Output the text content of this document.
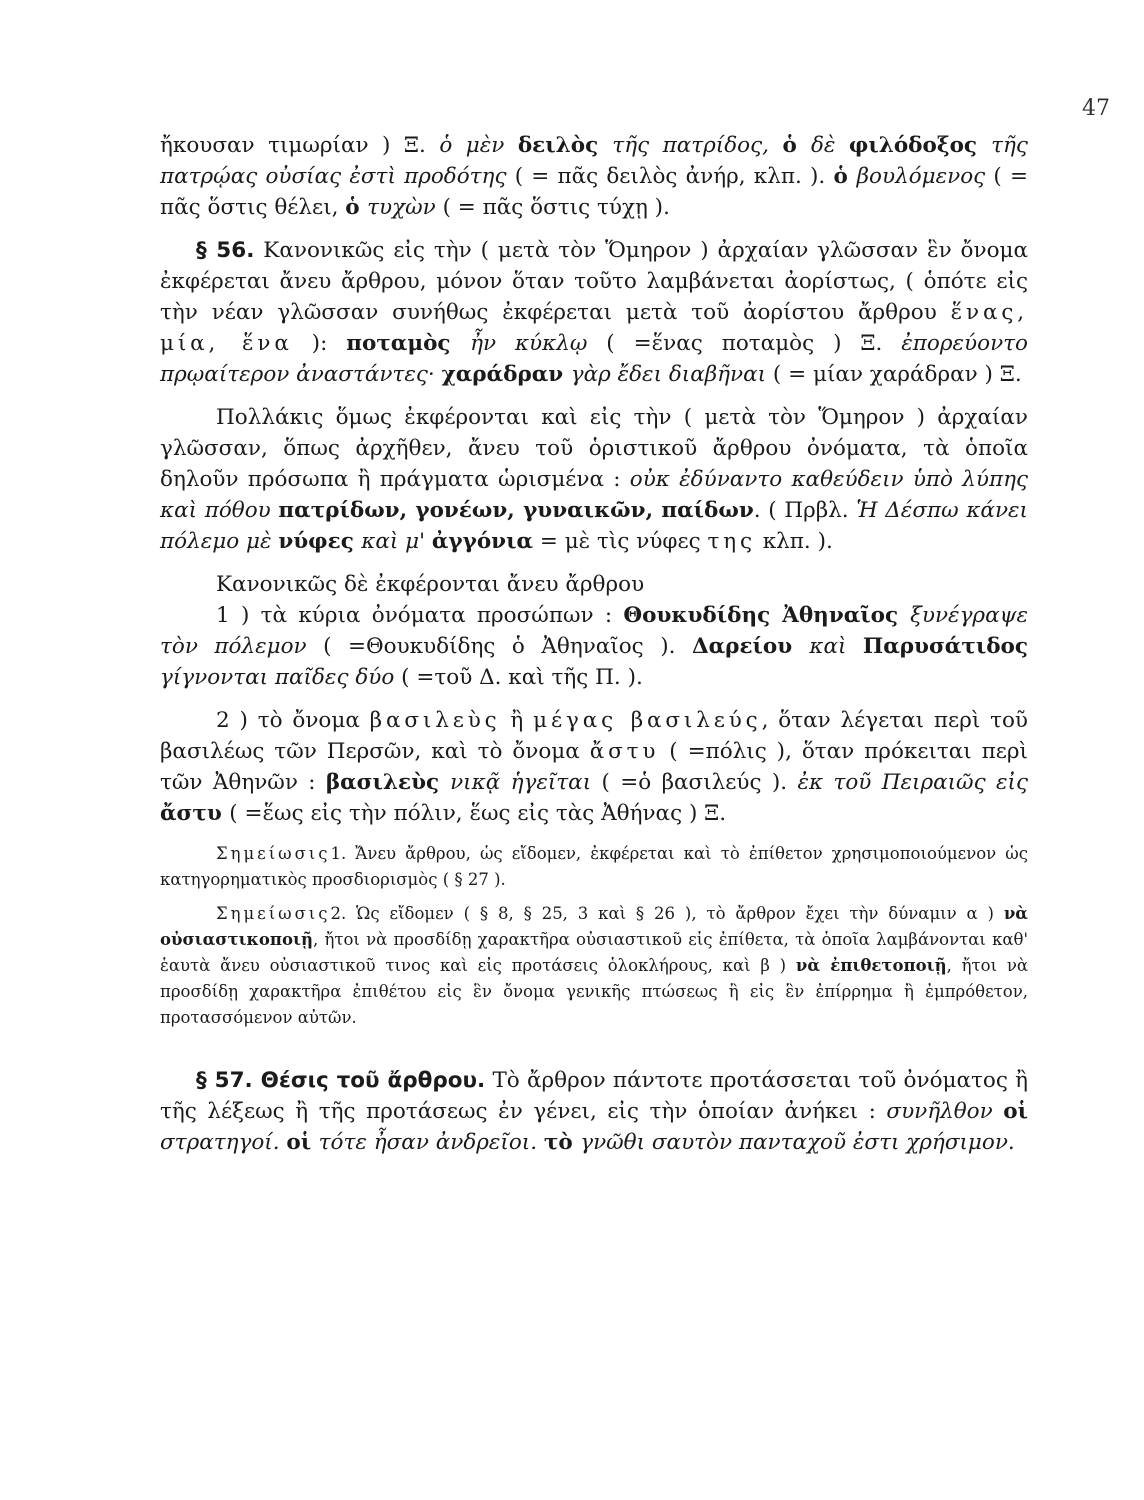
47

ἤκουσαν τιμωρίαν ) Ξ. ὁ μὲν δειλὸς τῆς πατρίδος, ὁ δὲ φιλόδοξος τῆς πατρῴας οὐσίας ἐστὶ προδότης ( = πᾶς δειλὸς ἀνήρ, κλπ. ). ὁ βουλόμενος ( = πᾶς ὅστις θέλει, ὁ τυχὼν ( = πᾶς ὅστις τύχῃ ).

§ 56. Κανονικῶς εἰς τὴν ( μετὰ τὸν Ὅμηρον ) ἀρχαίαν γλῶσσαν ἓν ὄνομα ἐκφέρεται ἄνευ ἄρθρου, μόνον ὅταν τοῦτο λαμβάνεται ἀορίστως, ( ὁπότε εἰς τὴν νέαν γλῶσσαν συνήθως ἐκφέρεται μετὰ τοῦ ἀορίστου ἄρθρου ἕνας, μία, ἕνα ): ποταμὸς ἦν κύκλῳ ( =ἕνας ποταμὸς ) Ξ. ἐπορεύοντο πρῳαίτερον ἀναστάντες· χαράδραν γὰρ ἔδει διαβῆναι ( = μίαν χαράδραν ) Ξ.

Πολλάκις ὅμως ἐκφέρονται καὶ εἰς τὴν ( μετὰ τὸν Ὅμηρον ) ἀρχαίαν γλῶσσαν, ὅπως ἀρχῆθεν, ἄνευ τοῦ ὁριστικοῦ ἄρθρου ὀνόματα, τὰ ὁποῖα δηλοῦν πρόσωπα ἢ πράγματα ὡρισμένα : οὐκ ἐδύναντο καθεύδειν ὑπὸ λύπης καὶ πόθου πατρίδων, γονέων, γυναικῶν, παίδων. ( Πρβλ. Ἡ Δέσπω κάνει πόλεμο μὲ νύφες καὶ μ' ἀγγόνια = μὲ τὶς νύφες της κλπ. ).

Κανονικῶς δὲ ἐκφέρονται ἄνευ ἄρθρου

1 ) τὰ κύρια ὀνόματα προσώπων : Θουκυδίδης Ἀθηναῖος ξυνέγραψε τὸν πόλεμον ( =Θουκυδίδης ὁ Ἀθηναῖος ). Δαρείου καὶ Παρυσάτιδος γίγνονται παῖδες δύο ( =τοῦ Δ. καὶ τῆς Π. ).

2 ) τὸ ὄνομα βασιλεὺς ἢ μέγας βασιλεύς, ὅταν λέγεται περὶ τοῦ βασιλέως τῶν Περσῶν, καὶ τὸ ὄνομα ἄστυ ( =πόλις ), ὅταν πρόκειται περὶ τῶν Ἀθηνῶν : βασιλεὺς νικᾷ ἡγεῖται ( =ὁ βασιλεύς ). ἐκ τοῦ Πειραιῶς εἰς ἄστυ ( =ἕως εἰς τὴν πόλιν, ἕως εἰς τὰς Ἀθήνας ) Ξ.

Σημείωσις1. Ἄνευ ἄρθρου, ὡς εἴδομεν, ἐκφέρεται καὶ τὸ ἐπίθετον χρησιμοποιούμενον ὡς κατηγορηματικὸς προσδιορισμὸς ( § 27 ).

Σημείωσις2. Ὡς εἴδομεν ( § 8, § 25, 3 καὶ § 26 ), τὸ ἄρθρον ἔχει τὴν δύναμιν α ) νὰ οὐσιαστικοποιῇ, ἤτοι νὰ προσδίδῃ χαρακτῆρα οὐσιαστικοῦ εἰς ἐπίθετα, τὰ ὁποῖα λαμβάνονται καθ' ἑαυτὰ ἄνευ οὐσιαστικοῦ τινος καὶ εἰς προτάσεις ὁλοκλήρους, καὶ β ) νὰ ἐπιθετοποιῇ, ἤτοι νὰ προσδίδῃ χαρακτῆρα ἐπιθέτου εἰς ἓν ὄνομα γενικῆς πτώσεως ἢ εἰς ἓν ἐπίρρημα ἢ ἐμπρόθετον, προτασσόμενον αὐτῶν.

§ 57. Θέσις τοῦ ἄρθρου. Τὸ ἄρθρον πάντοτε προτάσσεται τοῦ ὀνόματος ἢ τῆς λέξεως ἢ τῆς προτάσεως ἐν γένει, εἰς τὴν ὁποίαν ἀνήκει : συνῆλθον οἱ στρατηγοί. οἱ τότε ἦσαν ἀνδρεῖοι. τὸ γνῶθι σαυτὸν πανταχοῦ ἐστι χρήσιμον.
